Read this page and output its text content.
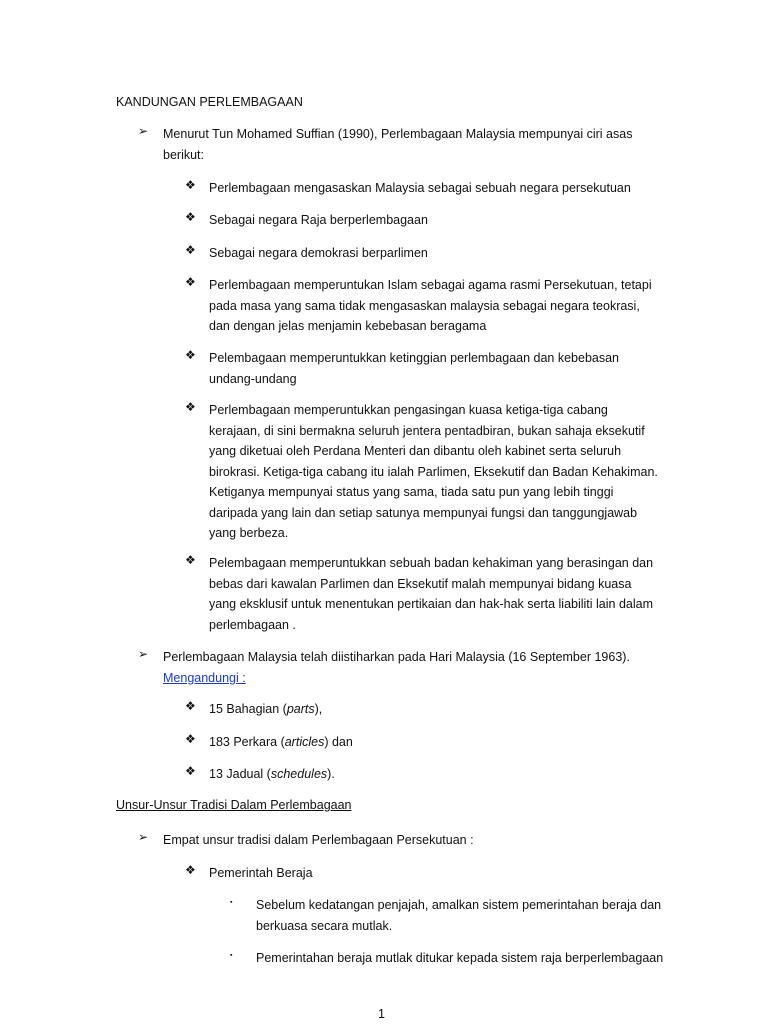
KANDUNGAN PERLEMBAGAAN
➢	Menurut Tun Mohamed Suffian (1990), Perlembagaan Malaysia mempunyai ciri asas berikut:
❖	Perlembagaan mengasaskan Malaysia sebagai sebuah negara persekutuan
❖	Sebagai negara Raja berperlembagaan
❖	Sebagai negara demokrasi berparlimen
❖	Perlembagaan memperuntukan Islam sebagai agama rasmi Persekutuan, tetapi pada masa yang sama tidak mengasaskan malaysia sebagai negara teokrasi, dan dengan jelas menjamin kebebasan beragama
❖	Pelembagaan memperuntukkan ketinggian perlembagaan dan kebebasan undang-undang
❖	Perlembagaan memperuntukkan pengasingan kuasa ketiga-tiga cabang kerajaan, di sini bermakna seluruh jentera pentadbiran, bukan sahaja eksekutif yang diketuai oleh Perdana Menteri dan dibantu oleh kabinet serta seluruh birokrasi. Ketiga-tiga cabang itu ialah Parlimen, Eksekutif dan Badan Kehakiman. Ketiganya mempunyai status yang sama, tiada satu pun yang lebih tinggi daripada yang lain dan setiap satunya mempunyai fungsi dan tanggungjawab yang berbeza.
❖	Pelembagaan memperuntukkan sebuah badan kehakiman yang berasingan dan bebas dari kawalan Parlimen dan Eksekutif malah mempunyai bidang kuasa yang eksklusif untuk menentukan pertikaian dan hak-hak serta liabiliti lain dalam perlembagaan .
➢	Perlembagaan Malaysia telah diistiharkan pada Hari Malaysia (16 September 1963).
Mengandungi :
❖	15 Bahagian (parts),
❖	183 Perkara (articles) dan
❖	13 Jadual (schedules).
Unsur-Unsur Tradisi Dalam Perlembagaan
➢	Empat unsur tradisi dalam Perlembagaan Persekutuan :
❖	Pemerintah Beraja
▪ Sebelum kedatangan penjajah, amalkan sistem pemerintahan beraja dan berkuasa secara mutlak.
▪ Pemerintahan beraja mutlak ditukar kepada sistem raja berperlembagaan
1
